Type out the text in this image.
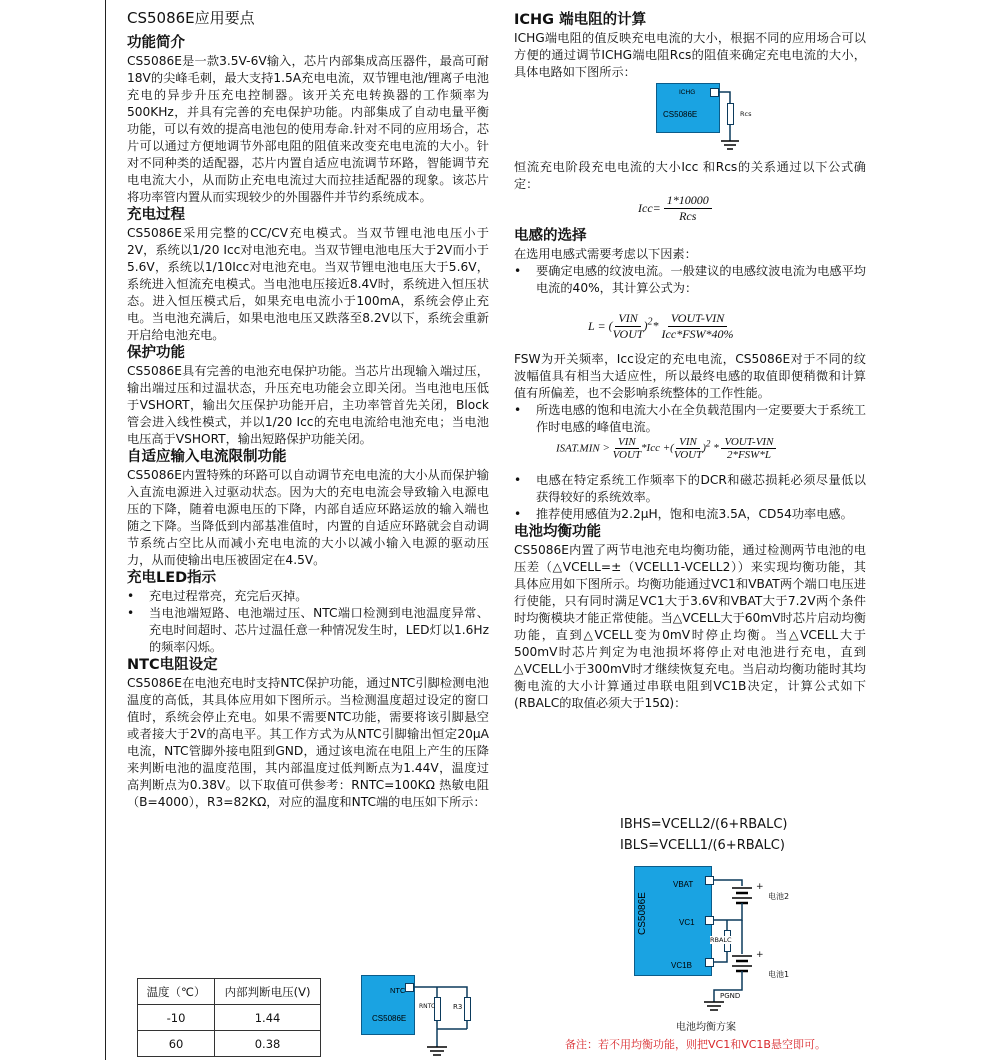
CS5086E应用要点
功能简介

CS5086E是一款3.5V-6V输入，芯片内部集成高压器件，最高可耐18V的尖峰毛刺，最大支持1.5A充电电流，双节锂电池/锂离子电池充电的异步升压充电控制器。该开关充电转换器的工作频率为500KHz，并具有完善的充电保护功能。内部集成了自动电量平衡功能，可以有效的提高电池包的使用寿命.针对不同的应用场合，芯片可以通过方便地调节外部电阻的阻值来改变充电电流的大小。针对不同种类的适配器，芯片内置自适应电流调节环路，智能调节充电电流大小，从而防止充电电流过大而拉挂适配器的现象。该芯片将功率管内置从而实现较少的外围器件并节约系统成本。

充电过程

CS5086E采用完整的CC/CV充电模式。当双节锂电池电压小于2V，系统以1/20 Icc对电池充电。当双节锂电池电压大于2V而小于5.6V，系统以1/10Icc对电池充电。当双节锂电池电压大于5.6V，系统进入恒流充电模式。当电池电压接近8.4V时，系统进入恒压状态。进入恒压模式后，如果充电电流小于100mA，系统会停止充电。当电池充满后，如果电池电压又跌落至8.2V以下，系统会重新开启给电池充电。

保护功能

CS5086E具有完善的电池充电保护功能。当芯片出现输入端过压，输出端过压和过温状态，升压充电功能会立即关闭。当电池电压低于VSHORT，输出欠压保护功能开启，主功率管首先关闭，Block管会进入线性模式，并以1/20 Icc的充电电流给电池充电；当电池电压高于VSHORT，输出短路保护功能关闭。

自适应输入电流限制功能

CS5086E内置特殊的环路可以自动调节充电电流的大小从而保护输入直流电源进入过驱动状态。因为大的充电电流会导致输入电源电压的下降，随着电源电压的下降，内部自适应环路运放的输入端也随之下降。当降低到内部基准值时，内置的自适应环路就会自动调节系统占空比从而减小充电电流的大小以减小输入电源的驱动压力，从而使输出电压被固定在4.5V。

充电LED指示
•	充电过程常亮，充完后灭掉。
•	当电池端短路、电池端过压、NTC端口检测到电池温度异常、充电时间超时、芯片过温任意一种情况发生时，LED灯以1.6Hz的频率闪烁。
NTC电阻设定

CS5086E在电池充电时支持NTC保护功能，通过NTC引脚检测电池温度的高低，其具体应用如下图所示。当检测温度超过设定的窗口值时，系统会停止充电。如果不需要NTC功能，需要将该引脚悬空或者接大于2V的高电平。其工作方式为从NTC引脚输出恒定20μA电流，NTC管脚外接电阻到GND，通过该电流在电阻上产生的压降来判断电池的温度范围，其内部温度过低判断点为1.44V，温度过高判断点为0.38V。以下取值可供参考：RNTC=100KΩ 热敏电阻（B=4000），R3=82KΩ，对应的温度和NTC端的电压如下所示：

温度（℃）	内部判断电压(V)
-10	1.44
60	0.38
CS5086E
NTC
RNTC	R3
ICHG 端电阻的计算

ICHG端电阻的值反映充电电流的大小，根据不同的应用场合可以方便的通过调节ICHG端电阻Rcs的阻值来确定充电电流的大小，具体电路如下图所示：

CS5086E
ICHG
Rcs

恒流充电阶段充电电流的大小Icc 和Rcs的关系通过以下公式确定：

$Icc= \frac{1*10000}{\text{Rcs}}$
电感的选择

在选用电感式需要考虑以下因素：

•	要确定电感的纹波电流。一般建议的电感纹波电流为电感平均电流的40%，其计算公式为：
L = ( $\frac{\text{VIN}}{\text{VOUT}} )^2* \frac{\text{VOUT-VIN}}{\text{Icc*FSW*40\%}}$

FSW为开关频率，Icc设定的充电电流，CS5086E对于不同的纹波幅值具有相当大适应性，所以最终电感的取值即便稍微和计算值有所偏差，也不会影响系统整体的工作性能。

•	所选电感的饱和电流大小在全负载范围内一定要要大于系统工作时电感的峰值电流。
ISAT.MIN > $\frac{\text{VIN}}{\text{VOUT}} *Icc$ +( $\frac{\text{VIN}}{\text{VOUT}} )^2 * \frac{\text{VOUT-VIN}}{\text{2*FSW*L}}$
•	电感在特定系统工作频率下的DCR和磁芯损耗必须尽量低以获得较好的系统效率。
•	推荐使用感值为2.2μH，饱和电流3.5A，CD54功率电感。
电池均衡功能

CS5086E内置了两节电池充电均衡功能，通过检测两节电池的电压差（△VCELL=±（VCELL1-VCELL2））来实现均衡功能，其具体应用如下图所示。均衡功能通过VC1和VBAT两个端口电压进行使能，只有同时满足VC1大于3.6V和VBAT大于7.2V两个条件时均衡模块才能正常使能。当△VCELL大于60mV时芯片启动均衡功能，直到△VCELL变为0mV时停止均衡。当△VCELL大于500mV时芯片判定为电池损坏将停止对电池进行充电，直到△VCELL小于300mV时才继续恢复充电。当启动均衡功能时其均衡电流的大小计算通过串联电阻到VC1B决定，计算公式如下(RBALC的取值必须大于15Ω)：

IBHS=VCELL2/(6+RBALC)
IBLS=VCELL1/(6+RBALC)
CS5086E
VBAT
VC1
VC1B
RBALC
+
电池2
+
电池1
PGND
电池均衡方案
备注：若不用均衡功能，则把VC1和VC1B悬空即可。
